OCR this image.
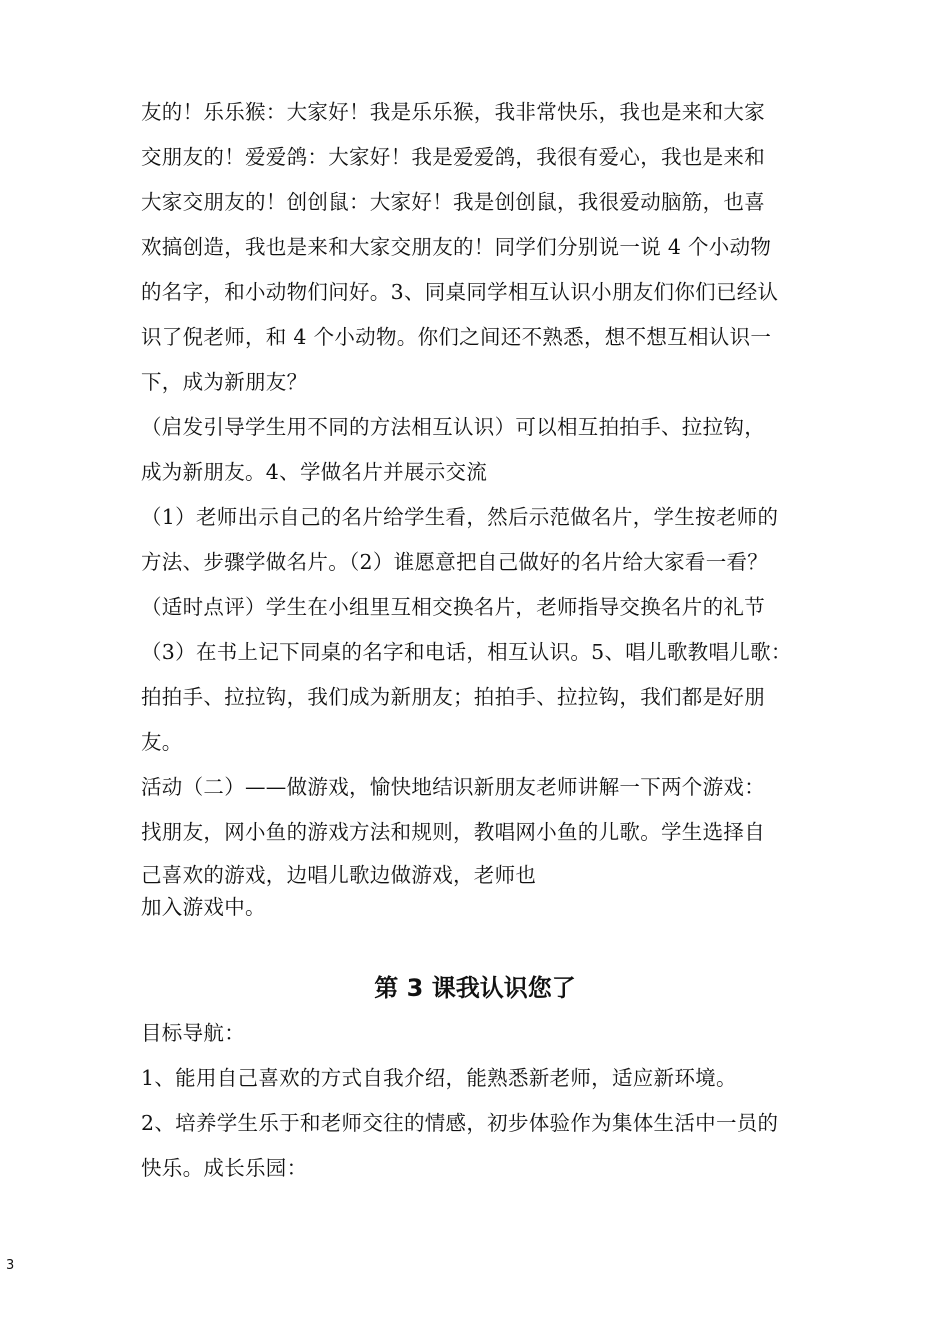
友的！乐乐猴：大家好！我是乐乐猴，我非常快乐，我也是来和大家
交朋友的！爱爱鸽：大家好！我是爱爱鸽，我很有爱心，我也是来和
大家交朋友的！创创鼠：大家好！我是创创鼠，我很爱动脑筋，也喜
欢搞创造，我也是来和大家交朋友的！同学们分别说一说 4 个小动物
的名字，和小动物们问好。3、同桌同学相互认识小朋友们你们已经认
识了倪老师，和 4 个小动物。你们之间还不熟悉，想不想互相认识一
下，成为新朋友？
（启发引导学生用不同的方法相互认识）可以相互拍拍手、拉拉钩，
成为新朋友。4、学做名片并展示交流
（1）老师出示自己的名片给学生看，然后示范做名片，学生按老师的
方法、步骤学做名片。（2）谁愿意把自己做好的名片给大家看一看？
（适时点评）学生在小组里互相交换名片，老师指导交换名片的礼节
（3）在书上记下同桌的名字和电话，相互认识。5、唱儿歌教唱儿歌：
拍拍手、拉拉钩，我们成为新朋友；拍拍手、拉拉钩，我们都是好朋
友。
活动（二）——做游戏，愉快地结识新朋友老师讲解一下两个游戏：
找朋友，网小鱼的游戏方法和规则，教唱网小鱼的儿歌。学生选择自
己喜欢的游戏，边唱儿歌边做游戏，老师也
加入游戏中。
第 3 课我认识您了
目标导航：
1、能用自己喜欢的方式自我介绍，能熟悉新老师，适应新环境。
2、培养学生乐于和老师交往的情感，初步体验作为集体生活中一员的
快乐。成长乐园：
3
